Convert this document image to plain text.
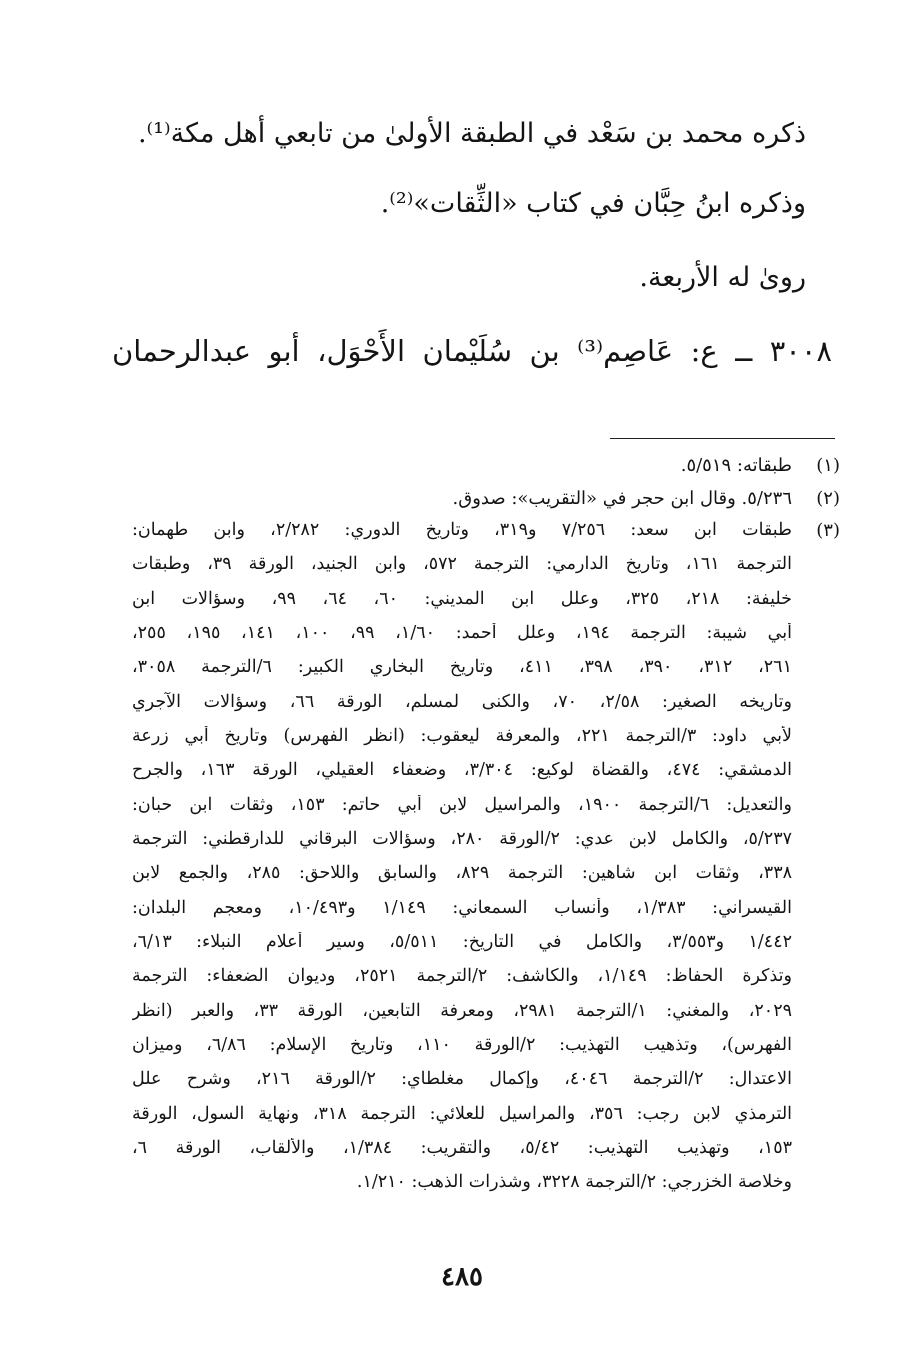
ذكره محمد بن سَعْد في الطبقة الأولىٰ من تابعي أهل مكة⁽¹⁾.
وذكره ابنُ حِبَّان في كتاب «الثِّقات»⁽²⁾.
رویٰ له الأربعة.
٣٠٠٨ ــ ع: عَاصِم⁽³⁾ بن سُلَيْمان الأَحْوَل، أبو عبدالرحمان
(١)
طبقاته: ٥/٥١٩.
(٢)
٥/٢٣٦. وقال ابن حجر في «التقريب»: صدوق.
(٣)
طبقات ابن سعد: ٧/٢٥٦ و٣١٩، وتاريخ الدوري: ٢/٢٨٢، وابن طهمان:
الترجمة ١٦١، وتاريخ الدارمي: الترجمة ٥٧٢، وابن الجنيد، الورقة ٣٩، وطبقات
خليفة: ٢١٨، ٣٢٥، وعلل ابن المديني: ٦٠، ٦٤، ٩٩، وسؤالات ابن
أبي شيبة: الترجمة ١٩٤، وعلل أحمد: ١/٦٠، ٩٩، ١٠٠، ١٤١، ١٩٥، ٢٥٥،
٢٦١، ٣١٢، ٣٩٠، ٣٩٨، ٤١١، وتاريخ البخاري الكبير: ٦/الترجمة ٣٠٥٨،
وتاريخه الصغير: ٢/٥٨، ٧٠، والكنى لمسلم، الورقة ٦٦، وسؤالات الآجري
لأبي داود: ٣/الترجمة ٢٢١، والمعرفة ليعقوب: (انظر الفهرس) وتاريخ أبي زرعة
الدمشقي: ٤٧٤، والقضاة لوكيع: ٣/٣٠٤، وضعفاء العقيلي، الورقة ١٦٣، والجرح
والتعديل: ٦/الترجمة ١٩٠٠، والمراسيل لابن أبي حاتم: ١٥٣، وثقات ابن حبان:
٥/٢٣٧، والكامل لابن عدي: ٢/الورقة ٢٨٠، وسؤالات البرقاني للدارقطني: الترجمة
٣٣٨، وثقات ابن شاهين: الترجمة ٨٢٩، والسابق واللاحق: ٢٨٥، والجمع لابن
القيسراني: ١/٣٨٣، وأنساب السمعاني: ١/١٤٩ و١٠/٤٩٣، ومعجم البلدان:
١/٤٤٢ و٣/٥٥٣، والكامل في التاريخ: ٥/٥١١، وسير أعلام النبلاء: ٦/١٣،
وتذكرة الحفاظ: ١/١٤٩، والكاشف: ٢/الترجمة ٢٥٢١، وديوان الضعفاء: الترجمة
٢٠٢٩، والمغني: ١/الترجمة ٢٩٨١، ومعرفة التابعين، الورقة ٣٣، والعبر (انظر
الفهرس)، وتذهيب التهذيب: ٢/الورقة ١١٠، وتاريخ الإسلام: ٦/٨٦، وميزان
الاعتدال: ٢/الترجمة ٤٠٤٦، وإكمال مغلطاي: ٢/الورقة ٢١٦، وشرح علل
الترمذي لابن رجب: ٣٥٦، والمراسيل للعلائي: الترجمة ٣١٨، ونهاية السول، الورقة
١٥٣، وتهذيب التهذيب: ٥/٤٢، والتقريب: ١/٣٨٤، والألقاب، الورقة ٦،
وخلاصة الخزرجي: ٢/الترجمة ٣٢٢٨، وشذرات الذهب: ١/٢١٠.
٤٨٥
